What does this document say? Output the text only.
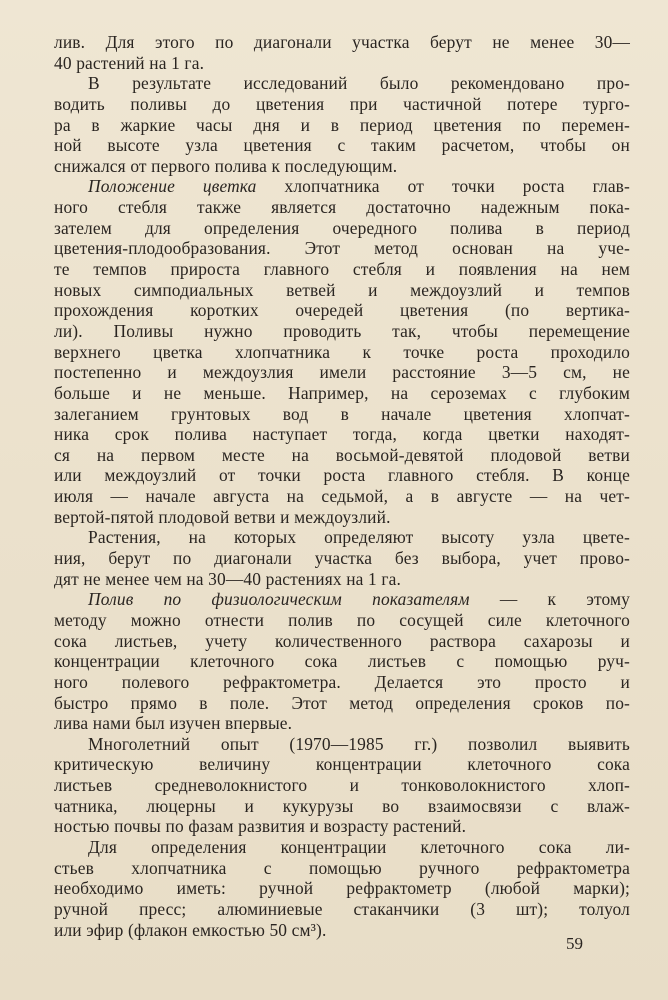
лив. Для этого по диагонали участка берут не менее 30—
40 растений на 1 га.
В результате исследований было рекомендовано про-
водить поливы до цветения при частичной потере турго-
ра в жаркие часы дня и в период цветения по перемен-
ной высоте узла цветения с таким расчетом, чтобы он
снижался от первого полива к последующим.
Положение цветка хлопчатника от точки роста глав-
ного стебля также является достаточно надежным пока-
зателем для определения очередного полива в период
цветения-плодообразования. Этот метод основан на уче-
те темпов прироста главного стебля и появления на нем
новых симподиальных ветвей и междоузлий и темпов
прохождения коротких очередей цветения (по вертика-
ли). Поливы нужно проводить так, чтобы перемещение
верхнего цветка хлопчатника к точке роста проходило
постепенно и междоузлия имели расстояние 3—5 см, не
больше и не меньше. Например, на сероземах с глубоким
залеганием грунтовых вод в начале цветения хлопчат-
ника срок полива наступает тогда, когда цветки находят-
ся на первом месте на восьмой-девятой плодовой ветви
или междоузлий от точки роста главного стебля. В конце
июля — начале августа на седьмой, а в августе — на чет-
вертой-пятой плодовой ветви и междоузлий.
Растения, на которых определяют высоту узла цвете-
ния, берут по диагонали участка без выбора, учет прово-
дят не менее чем на 30—40 растениях на 1 га.
Полив по физиологическим показателям — к этому
методу можно отнести полив по сосущей силе клеточного
сока листьев, учету количественного раствора сахарозы и
концентрации клеточного сока листьев с помощью руч-
ного полевого рефрактометра. Делается это просто и
быстро прямо в поле. Этот метод определения сроков по-
лива нами был изучен впервые.
Многолетний опыт (1970—1985 гг.) позволил выявить
критическую величину концентрации клеточного сока
листьев средневолокнистого и тонковолокнистого хлоп-
чатника, люцерны и кукурузы во взаимосвязи с влаж-
ностью почвы по фазам развития и возрасту растений.
Для определения концентрации клеточного сока ли-
стьев хлопчатника с помощью ручного рефрактометра
необходимо иметь: ручной рефрактометр (любой марки);
ручной пресс; алюминиевые стаканчики (3 шт); толуол
или эфир (флакон емкостью 50 см³).
59
